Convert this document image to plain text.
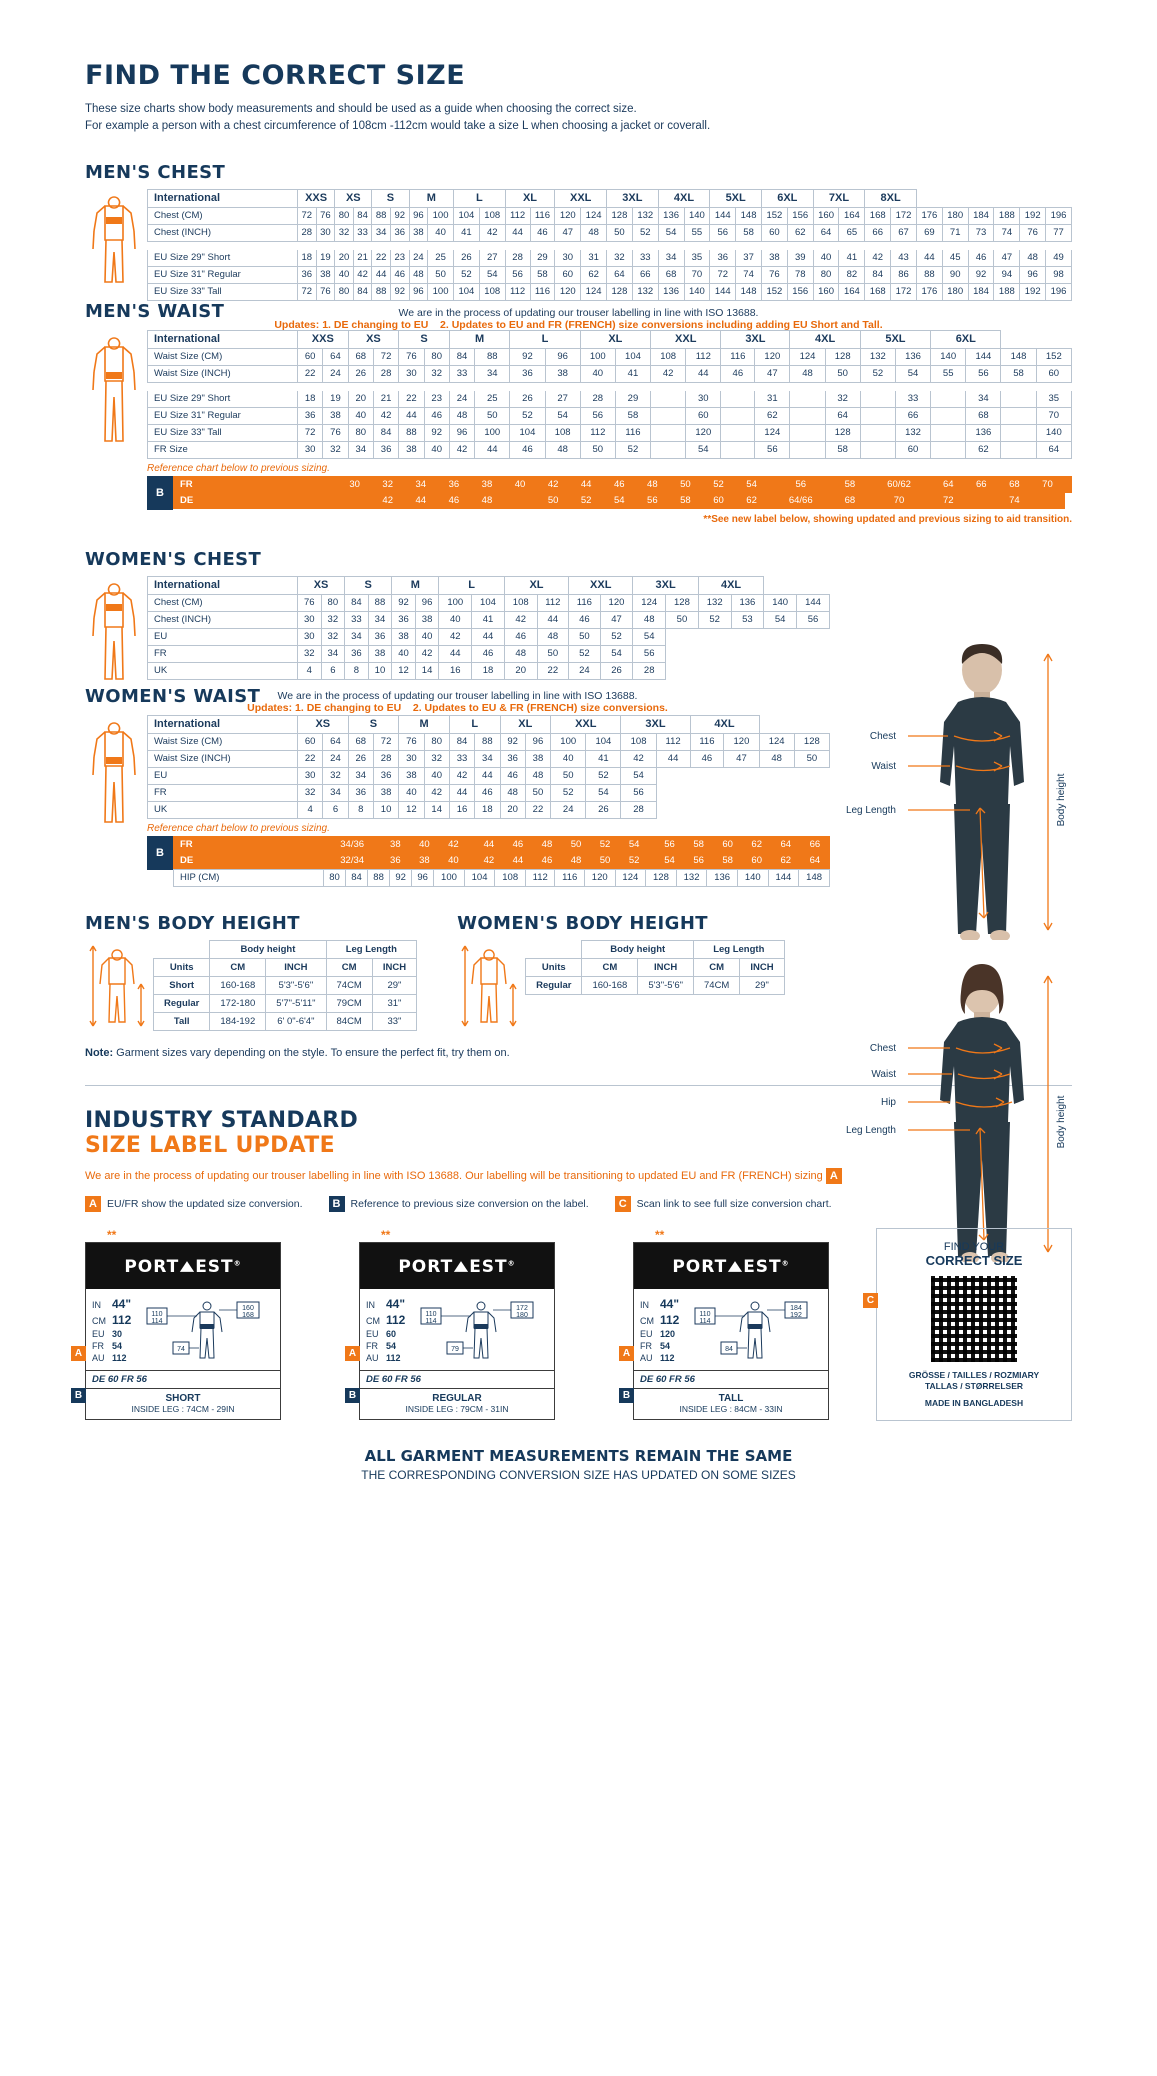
FIND THE CORRECT SIZE
These size charts show body measurements and should be used as a guide when choosing the correct size.
For example a person with a chest circumference of 108cm -112cm would take a size L when choosing a jacket or coverall.
MEN'S CHEST
International	XXS		XS		S		M		L		XL		XXL		3XL		4XL		5XL		6XL		7XL		8XL							
Chest (CM)	72	76	80	84	88	92	96	100	104	108	112	116	120	124	128	132	136	140	144	148	152	156	160	164	168	172	176	180	184	188	192	196
Chest (INCH)	28	30	32	33	34	36	38	40	41	42	44	46	47	48	50	52	54	55	56	58	60	62	64	65	66	67	69	71	73	74	76	77

EU Size 29" Short	18	19	20	21	22	23	24	25	26	27	28	29	30	31	32	33	34	35	36	37	38	39	40	41	42	43	44	45	46	47	48	49
EU Size 31" Regular	36	38	40	42	44	46	48	50	52	54	56	58	60	62	64	66	68	70	72	74	76	78	80	82	84	86	88	90	92	94	96	98
EU Size 33" Tall	72	76	80	84	88	92	96	100	104	108	112	116	120	124	128	132	136	140	144	148	152	156	160	164	168	172	176	180	184	188	192	196
We are in the process of updating our trouser labelling in line with ISO 13688.
Updates: 1. DE changing to EU 2. Updates to EU and FR (FRENCH) size conversions including adding EU Short and Tall.
MEN'S WAIST
International	XXS		XS		S		M		L		XL		XXL		3XL		4XL		5XL		6XL			
Waist Size (CM)	60	64	68	72	76	80	84	88	92	96	100	104	108	112	116	120	124	128	132	136	140	144	148	152
Waist Size (INCH)	22	24	26	28	30	32	33	34	36	38	40	41	42	44	46	47	48	50	52	54	55	56	58	60

EU Size 29" Short	18	19	20	21	22	23	24	25	26	27	28	29		30		31		32		33		34		35
EU Size 31" Regular	36	38	40	42	44	46	48	50	52	54	56	58		60		62		64		66		68		70
EU Size 33" Tall	72	76	80	84	88	92	96	100	104	108	112	116		120		124		128		132		136		140
FR Size	30	32	34	36	38	40	42	44	46	48	50	52		54		56		58		60		62		64
Reference chart below to previous sizing.
B
FR			30	32	34	36	38	40	42	44	46	48	50	52	54	56	58	60/62	64	66	68	70	
DE				42	44	46	48		50	52	54	56	58	60	62	64/66	68	70	72		74		
**See new label below, showing updated and previous sizing to aid transition.
WOMEN'S CHEST
International	XS		S		M		L		XL		XXL		3XL		4XL			
Chest (CM)	76	80	84	88	92	96	100	104	108	112	116	120	124	128	132	136	140	144
Chest (INCH)	30	32	33	34	36	38	40	41	42	44	46	47	48	50	52	53	54	56
EU	30	32	34	36	38	40	42	44	46	48	50	52	54					
FR	32	34	36	38	40	42	44	46	48	50	52	54	56					
UK	4	6	8	10	12	14	16	18	20	22	24	26	28					
We are in the process of updating our trouser labelling in line with ISO 13688.
Updates: 1. DE changing to EU 2. Updates to EU & FR (FRENCH) size conversions.
WOMEN'S WAIST
International	XS		S		M		L		XL		XXL		3XL		4XL			
Waist Size (CM)	60	64	68	72	76	80	84	88	92	96	100	104	108	112	116	120	124	128
Waist Size (INCH)	22	24	26	28	30	32	33	34	36	38	40	41	42	44	46	47	48	50
EU	30	32	34	36	38	40	42	44	46	48	50	52	54					
FR	32	34	36	38	40	42	44	46	48	50	52	54	56					
UK	4	6	8	10	12	14	16	18	20	22	24	26	28					
Reference chart below to previous sizing.
B
FR	34/36	38	40	42		44	46	48	50	52	54		56	58	60	62	64	66
DE	32/34	36	38	40		42	44	46	48	50	52		54	56	58	60	62	64
HIP (CM)	80	84	88	92	96	100	104	108	112	116	120	124	128	132	136	140	144	148
MEN'S BODY HEIGHT
	Body height		Leg Length	
Units	CM	INCH	CM	INCH
Short	160-168	5'3"-5'6"	74CM	29"
Regular	172-180	5'7"-5'11"	79CM	31"
Tall	184-192	6' 0"-6'4"	84CM	33"
WOMEN'S BODY HEIGHT
	Body height		Leg Length	
Units	CM	INCH	CM	INCH
Regular	160-168	5'3"-5'6"	74CM	29"
Note: Garment sizes vary depending on the style. To ensure the perfect fit, try them on.
Chest
Waist
Leg Length	Body height
Chest
Waist
Hip
Leg Length	Body height
INDUSTRY STANDARD
SIZE LABEL UPDATE
We are in the process of updating our trouser labelling in line with ISO 13688. Our labelling will be transitioning to updated EU and FR (FRENCH) sizing A
A EU/FR show the updated size conversion.	B Reference to previous size conversion on the label.	C Scan link to see full size conversion chart.
**
PORT EST®
IN 44"
CM 112
EU 30
FR 54
AU 112
110
114
160
168
74
DE 60 FR 56
SHORT
INSIDE LEG : 74CM - 29IN
A
B
**
PORT EST®
IN 44"
CM 112
EU 60
FR 54
AU 112
110
114
172
180
79
DE 60 FR 56
REGULAR
INSIDE LEG : 79CM - 31IN
A
B
**
PORT EST®
IN 44"
CM 112
EU 120
FR 54
AU 112
110
114
184
192
84
DE 60 FR 56
TALL
INSIDE LEG : 84CM - 33IN
A
B
C
FIND YOUR
CORRECT SIZE
GRÖSSE / TAILLES / ROZMIARY
TALLAS / STØRRELSER
MADE IN BANGLADESH
ALL GARMENT MEASUREMENTS REMAIN THE SAME
THE CORRESPONDING CONVERSION SIZE HAS UPDATED ON SOME SIZES
